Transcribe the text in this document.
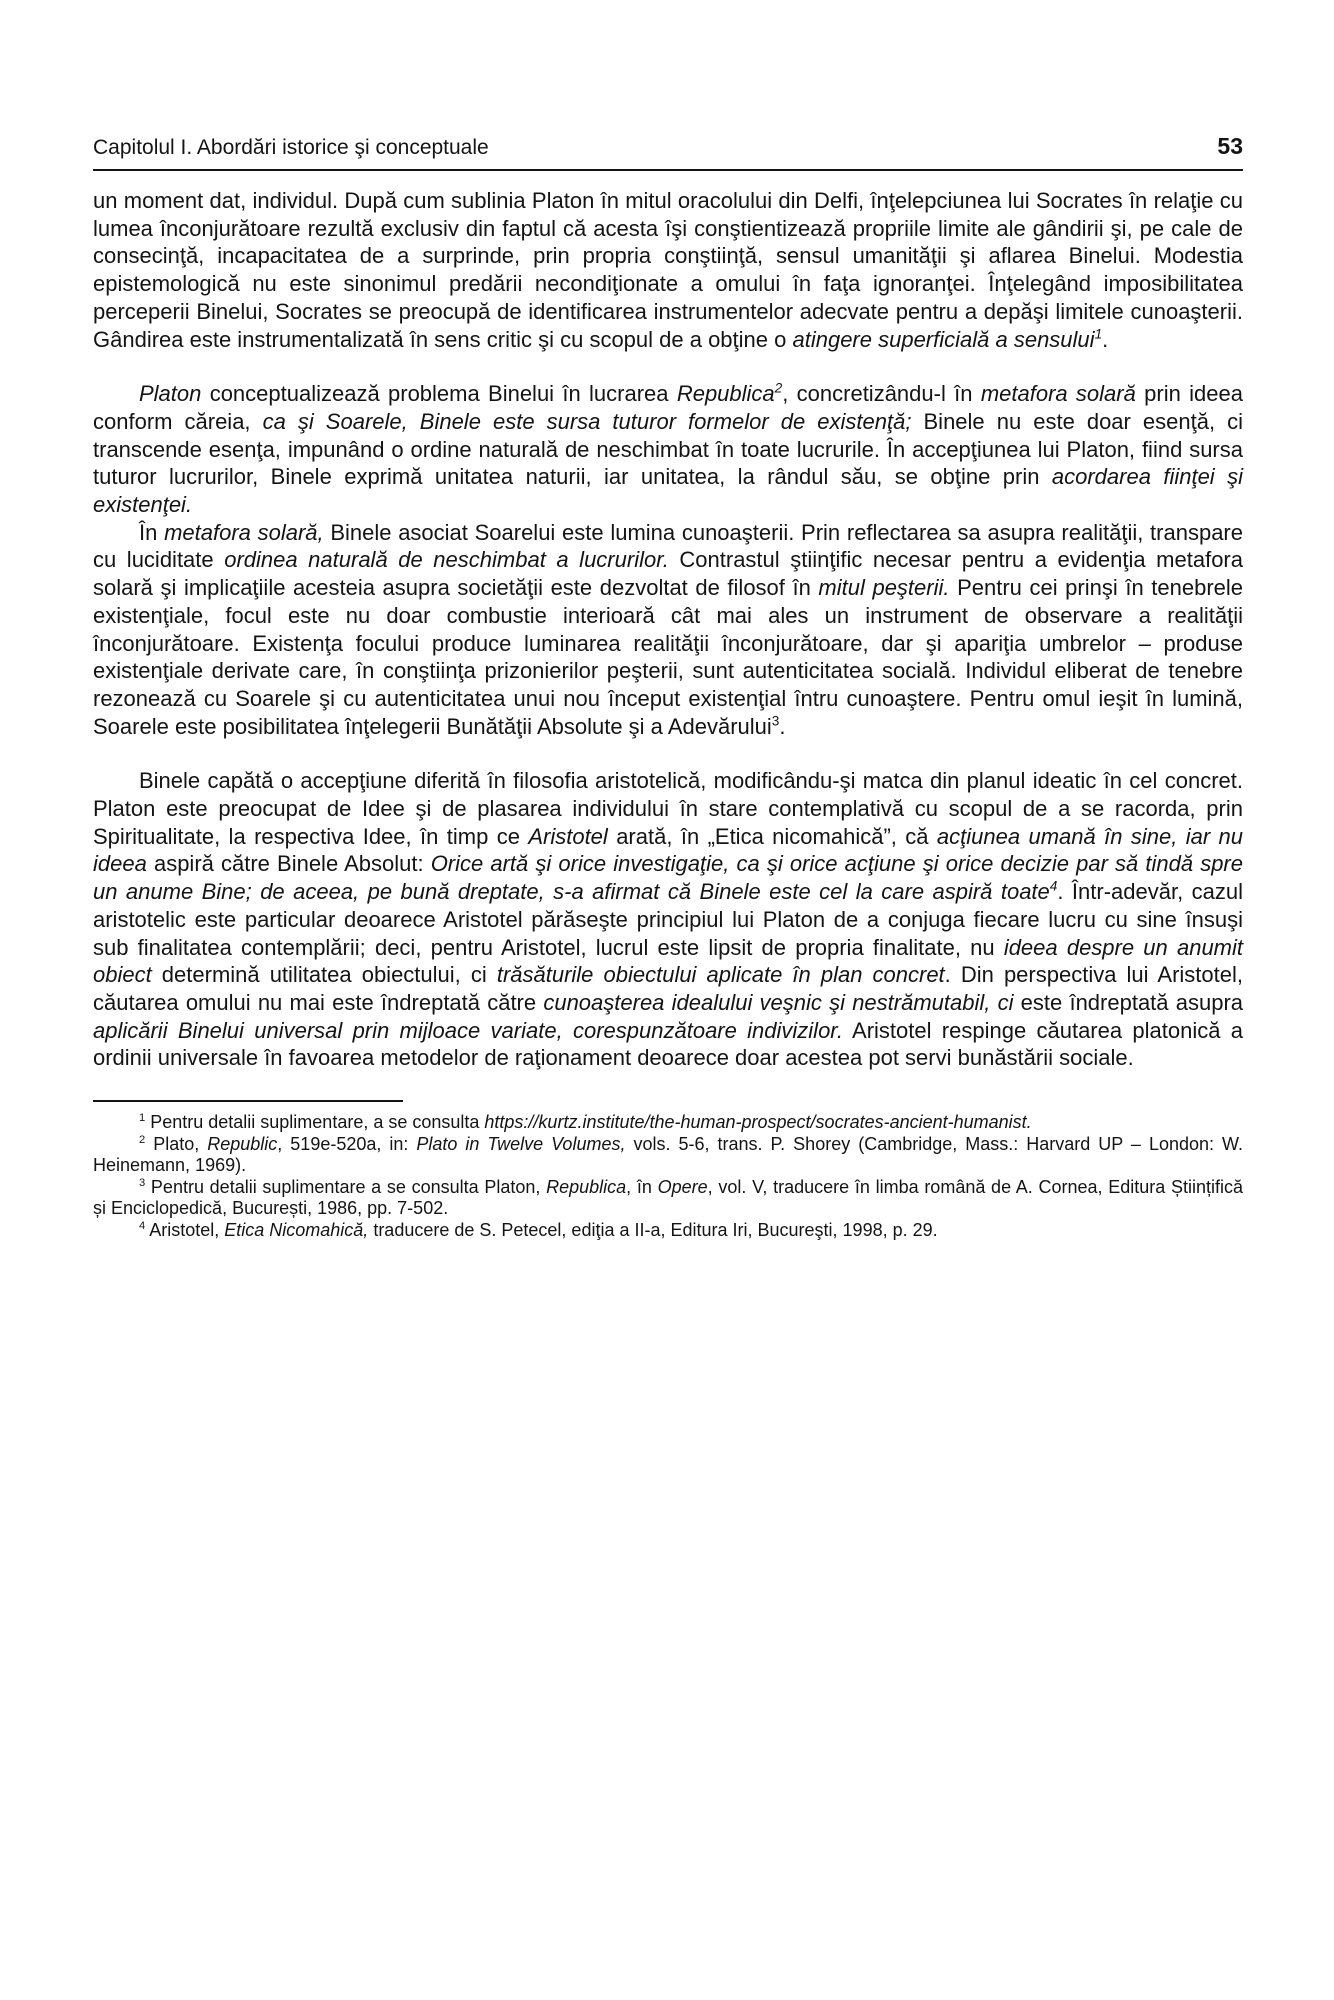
Capitolul I. Abordări istorice şi conceptuale	53

un moment dat, individul. După cum sublinia Platon în mitul oracolului din Delfi, înţelepciunea lui Socrates în relaţie cu lumea înconjurătoare rezultă exclusiv din faptul că acesta îşi conştientizează propriile limite ale gândirii şi, pe cale de consecinţă, incapacitatea de a surprinde, prin propria conştiinţă, sensul umanităţii şi aflarea Binelui. Modestia epistemologică nu este sinonimul predării necondiţionate a omului în faţa ignoranţei. Înţelegând imposibilitatea perceperii Binelui, Socrates se preocupă de identificarea instrumentelor adecvate pentru a depăşi limitele cunoaşterii. Gândirea este instrumentalizată în sens critic şi cu scopul de a obţine o atingere superficială a sensului$^1$.

Platon conceptualizează problema Binelui în lucrarea Republica$^2$, concretizându-l în metafora solară prin ideea conform căreia, ca şi Soarele, Binele este sursa tuturor formelor de existenţă; Binele nu este doar esenţă, ci transcende esenţa, impunând o ordine naturală de neschimbat în toate lucrurile. În accepţiunea lui Platon, fiind sursa tuturor lucrurilor, Binele exprimă unitatea naturii, iar unitatea, la rândul său, se obţine prin acordarea fiinţei şi existenţei.

În metafora solară, Binele asociat Soarelui este lumina cunoaşterii. Prin reflectarea sa asupra realităţii, transpare cu luciditate ordinea naturală de neschimbat a lucrurilor. Contrastul ştiinţific necesar pentru a evidenţia metafora solară şi implicaţiile acesteia asupra societăţii este dezvoltat de filosof în mitul peşterii. Pentru cei prinşi în tenebrele existenţiale, focul este nu doar combustie interioară cât mai ales un instrument de observare a realităţii înconjurătoare. Existenţa focului produce luminarea realităţii înconjurătoare, dar şi apariţia umbrelor – produse existenţiale derivate care, în conştiinţa prizonierilor peşterii, sunt autenticitatea socială. Individul eliberat de tenebre rezonează cu Soarele şi cu autenticitatea unui nou început existenţial întru cunoaştere. Pentru omul ieşit în lumină, Soarele este posibilitatea înţelegerii Bunătăţii Absolute şi a Adevărului$^3$.

Binele capătă o accepţiune diferită în filosofia aristotelică, modificându-şi matca din planul ideatic în cel concret. Platon este preocupat de Idee şi de plasarea individului în stare contemplativă cu scopul de a se racorda, prin Spiritualitate, la respectiva Idee, în timp ce Aristotel arată, în „Etica nicomahică”, că acţiunea umană în sine, iar nu ideea aspiră către Binele Absolut: Orice artă şi orice investigaţie, ca şi orice acţiune şi orice decizie par să tindă spre un anume Bine; de aceea, pe bună dreptate, s-a afirmat că Binele este cel la care aspiră toate$^4$. Într-adevăr, cazul aristotelic este particular deoarece Aristotel părăseşte principiul lui Platon de a conjuga fiecare lucru cu sine însuşi sub finalitatea contemplării; deci, pentru Aristotel, lucrul este lipsit de propria finalitate, nu ideea despre un anumit obiect determină utilitatea obiectului, ci trăsăturile obiectului aplicate în plan concret. Din perspectiva lui Aristotel, căutarea omului nu mai este îndreptată către cunoaşterea idealului veşnic şi nestrămutabil, ci este îndreptată asupra aplicării Binelui universal prin mijloace variate, corespunzătoare indivizilor. Aristotel respinge căutarea platonică a ordinii universale în favoarea metodelor de raţionament deoarece doar acestea pot servi bunăstării sociale.

$^1$ Pentru detalii suplimentare, a se consulta https://kurtz.institute/the-human-prospect/socrates-ancient-humanist.

$^2$ Plato, Republic, 519e-520a, in: Plato in Twelve Volumes, vols. 5-6, trans. P. Shorey (Cambridge, Mass.: Harvard UP – London: W. Heinemann, 1969).

$^3$ Pentru detalii suplimentare a se consulta Platon, Republica, în Opere, vol. V, traducere în limba română de A. Cornea, Editura Științifică și Enciclopedică, București, 1986, pp. 7-502.

$^4$ Aristotel, Etica Nicomahică, traducere de S. Petecel, ediţia a II-a, Editura Iri, Bucureşti, 1998, p. 29.
